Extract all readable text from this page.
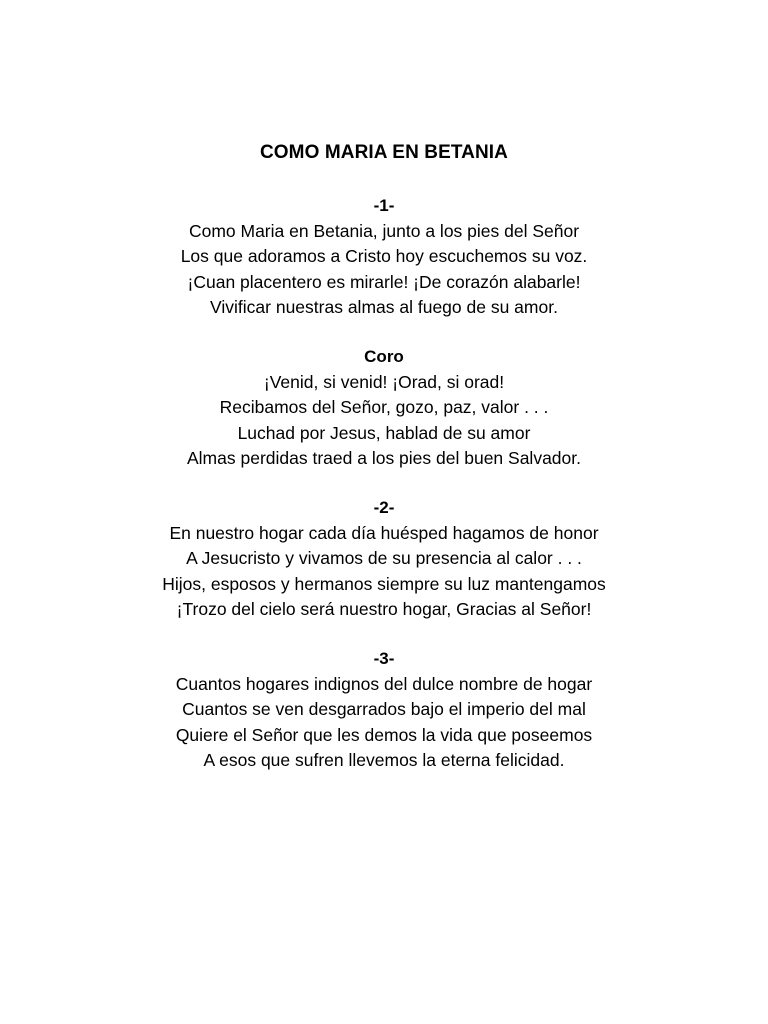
COMO MARIA EN BETANIA
-1-
Como Maria en Betania, junto a los pies del Señor
Los que adoramos a Cristo hoy escuchemos su voz.
¡Cuan placentero es mirarle! ¡De corazón alabarle!
Vivificar nuestras almas al fuego de su amor.
Coro
¡Venid, si venid! ¡Orad, si orad!
Recibamos del Señor, gozo, paz, valor . . .
Luchad por Jesus, hablad de su amor
Almas perdidas traed a los pies del buen Salvador.
-2-
En nuestro hogar cada día huésped hagamos de honor
A Jesucristo y vivamos de su presencia al calor . . .
Hijos, esposos y hermanos siempre su luz mantengamos
¡Trozo del cielo será nuestro hogar, Gracias al Señor!
-3-
Cuantos hogares indignos del dulce nombre de hogar
Cuantos se ven desgarrados bajo el imperio del mal
Quiere el Señor que les demos la vida que poseemos
A esos que sufren llevemos la eterna felicidad.
